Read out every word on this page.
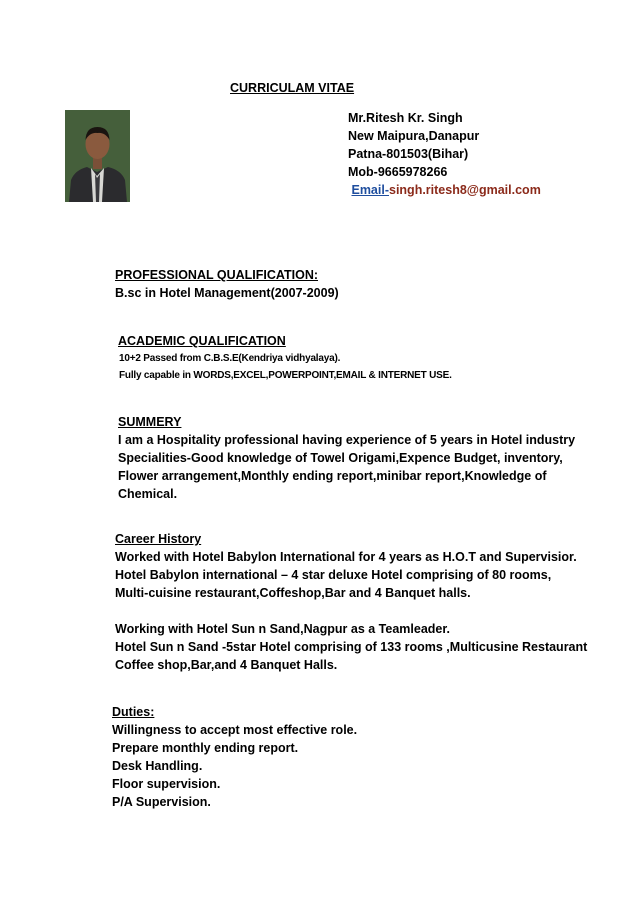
CURRICULAM VITAE
Mr.Ritesh Kr. Singh
New Maipura,Danapur
Patna-801503(Bihar)
Mob-9665978266
Email-singh.ritesh8@gmail.com
PROFESSIONAL QUALIFICATION:
B.sc in Hotel Management(2007-2009)
ACADEMIC QUALIFICATION
10+2 Passed from C.B.S.E(Kendriya vidhyalaya).
Fully capable in WORDS,EXCEL,POWERPOINT,EMAIL & INTERNET USE.
SUMMERY
I am a Hospitality professional having experience of 5 years in Hotel industry
Specialities-Good knowledge of Towel Origami,Expence Budget, inventory,
Flower arrangement,Monthly ending report,minibar report,Knowledge of
Chemical.
Career History
Worked with Hotel Babylon International for 4 years as H.O.T and Supervisior.
Hotel Babylon international – 4 star deluxe Hotel comprising of 80 rooms,
Multi-cuisine restaurant,Coffeshop,Bar and 4 Banquet halls.
Working with Hotel Sun n Sand,Nagpur as a Teamleader.
Hotel Sun n Sand -5star Hotel comprising of 133 rooms ,Multicusine Restaurant
Coffee shop,Bar,and 4 Banquet Halls.
Duties:
Willingness to accept most effective role.
Prepare monthly ending report.
Desk Handling.
Floor supervision.
P/A Supervision.
